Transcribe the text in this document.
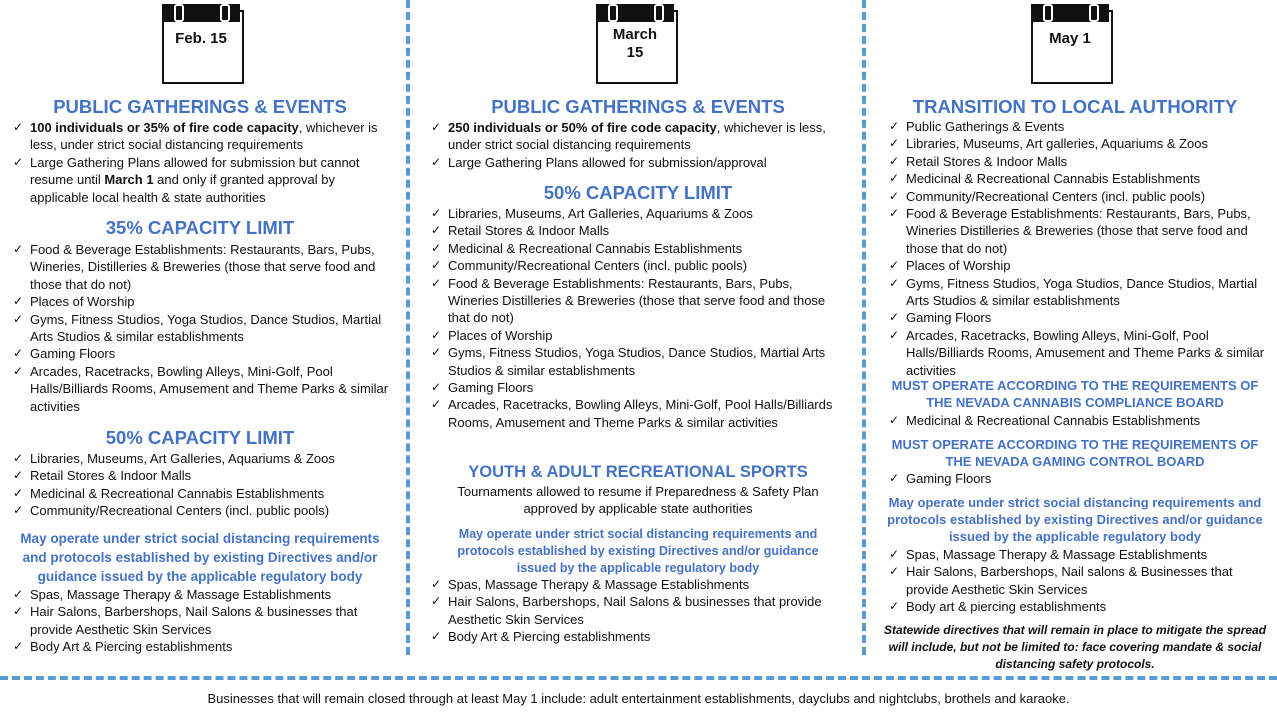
Feb. 15
PUBLIC GATHERINGS & EVENTS
✓ 100 individuals or 35% of fire code capacity, whichever is less, under strict social distancing requirements
✓ Large Gathering Plans allowed for submission but cannot resume until March 1 and only if granted approval by applicable local health & state authorities
35% CAPACITY LIMIT
✓ Food & Beverage Establishments: Restaurants, Bars, Pubs, Wineries, Distilleries & Breweries (those that serve food and those that do not)
✓ Places of Worship
✓ Gyms, Fitness Studios, Yoga Studios, Dance Studios, Martial Arts Studios & similar establishments
✓ Gaming Floors
✓ Arcades, Racetracks, Bowling Alleys, Mini-Golf, Pool Halls/Billiards Rooms, Amusement and Theme Parks & similar activities
50% CAPACITY LIMIT
✓ Libraries, Museums, Art Galleries, Aquariums & Zoos
✓ Retail Stores & Indoor Malls
✓ Medicinal & Recreational Cannabis Establishments
✓ Community/Recreational Centers (incl. public pools)
May operate under strict social distancing requirements and protocols established by existing Directives and/or guidance issued by the applicable regulatory body
✓ Spas, Massage Therapy & Massage Establishments
✓ Hair Salons, Barbershops, Nail Salons & businesses that provide Aesthetic Skin Services
✓ Body Art & Piercing establishments
March 15
PUBLIC GATHERINGS & EVENTS
✓ 250 individuals or 50% of fire code capacity, whichever is less, under strict social distancing requirements
✓ Large Gathering Plans allowed for submission/approval
50% CAPACITY LIMIT
✓ Libraries, Museums, Art Galleries, Aquariums & Zoos
✓ Retail Stores & Indoor Malls
✓ Medicinal & Recreational Cannabis Establishments
✓ Community/Recreational Centers (incl. public pools)
✓ Food & Beverage Establishments: Restaurants, Bars, Pubs, Wineries Distilleries & Breweries (those that serve food and those that do not)
✓ Places of Worship
✓ Gyms, Fitness Studios, Yoga Studios, Dance Studios, Martial Arts Studios & similar establishments
✓ Gaming Floors
✓ Arcades, Racetracks, Bowling Alleys, Mini-Golf, Pool Halls/Billiards Rooms, Amusement and Theme Parks & similar activities
YOUTH & ADULT RECREATIONAL SPORTS
Tournaments allowed to resume if Preparedness & Safety Plan approved by applicable state authorities
May operate under strict social distancing requirements and protocols established by existing Directives and/or guidance issued by the applicable regulatory body
✓ Spas, Massage Therapy & Massage Establishments
✓ Hair Salons, Barbershops, Nail Salons & businesses that provide Aesthetic Skin Services
✓ Body Art & Piercing establishments
May 1
TRANSITION TO LOCAL AUTHORITY
✓ Public Gatherings & Events
✓ Libraries, Museums, Art galleries, Aquariums & Zoos
✓ Retail Stores & Indoor Malls
✓ Medicinal & Recreational Cannabis Establishments
✓ Community/Recreational Centers (incl. public pools)
✓ Food & Beverage Establishments: Restaurants, Bars, Pubs, Wineries Distilleries & Breweries (those that serve food and those that do not)
✓ Places of Worship
✓ Gyms, Fitness Studios, Yoga Studios, Dance Studios, Martial Arts Studios & similar establishments
✓ Gaming Floors
✓ Arcades, Racetracks, Bowling Alleys, Mini-Golf, Pool Halls/Billiards Rooms, Amusement and Theme Parks & similar activities
MUST OPERATE ACCORDING TO THE REQUIREMENTS OF THE NEVADA CANNABIS COMPLIANCE BOARD
✓ Medicinal & Recreational Cannabis Establishments
MUST OPERATE ACCORDING TO THE REQUIREMENTS OF THE NEVADA GAMING CONTROL BOARD
✓ Gaming Floors
May operate under strict social distancing requirements and protocols established by existing Directives and/or guidance issued by the applicable regulatory body
✓ Spas, Massage Therapy & Massage Establishments
✓ Hair Salons, Barbershops, Nail salons & Businesses that provide Aesthetic Skin Services
✓ Body art & piercing establishments
Statewide directives that will remain in place to mitigate the spread will include, but not be limited to: face covering mandate & social distancing safety protocols.
Businesses that will remain closed through at least May 1 include: adult entertainment establishments, dayclubs and nightclubs, brothels and karaoke.
